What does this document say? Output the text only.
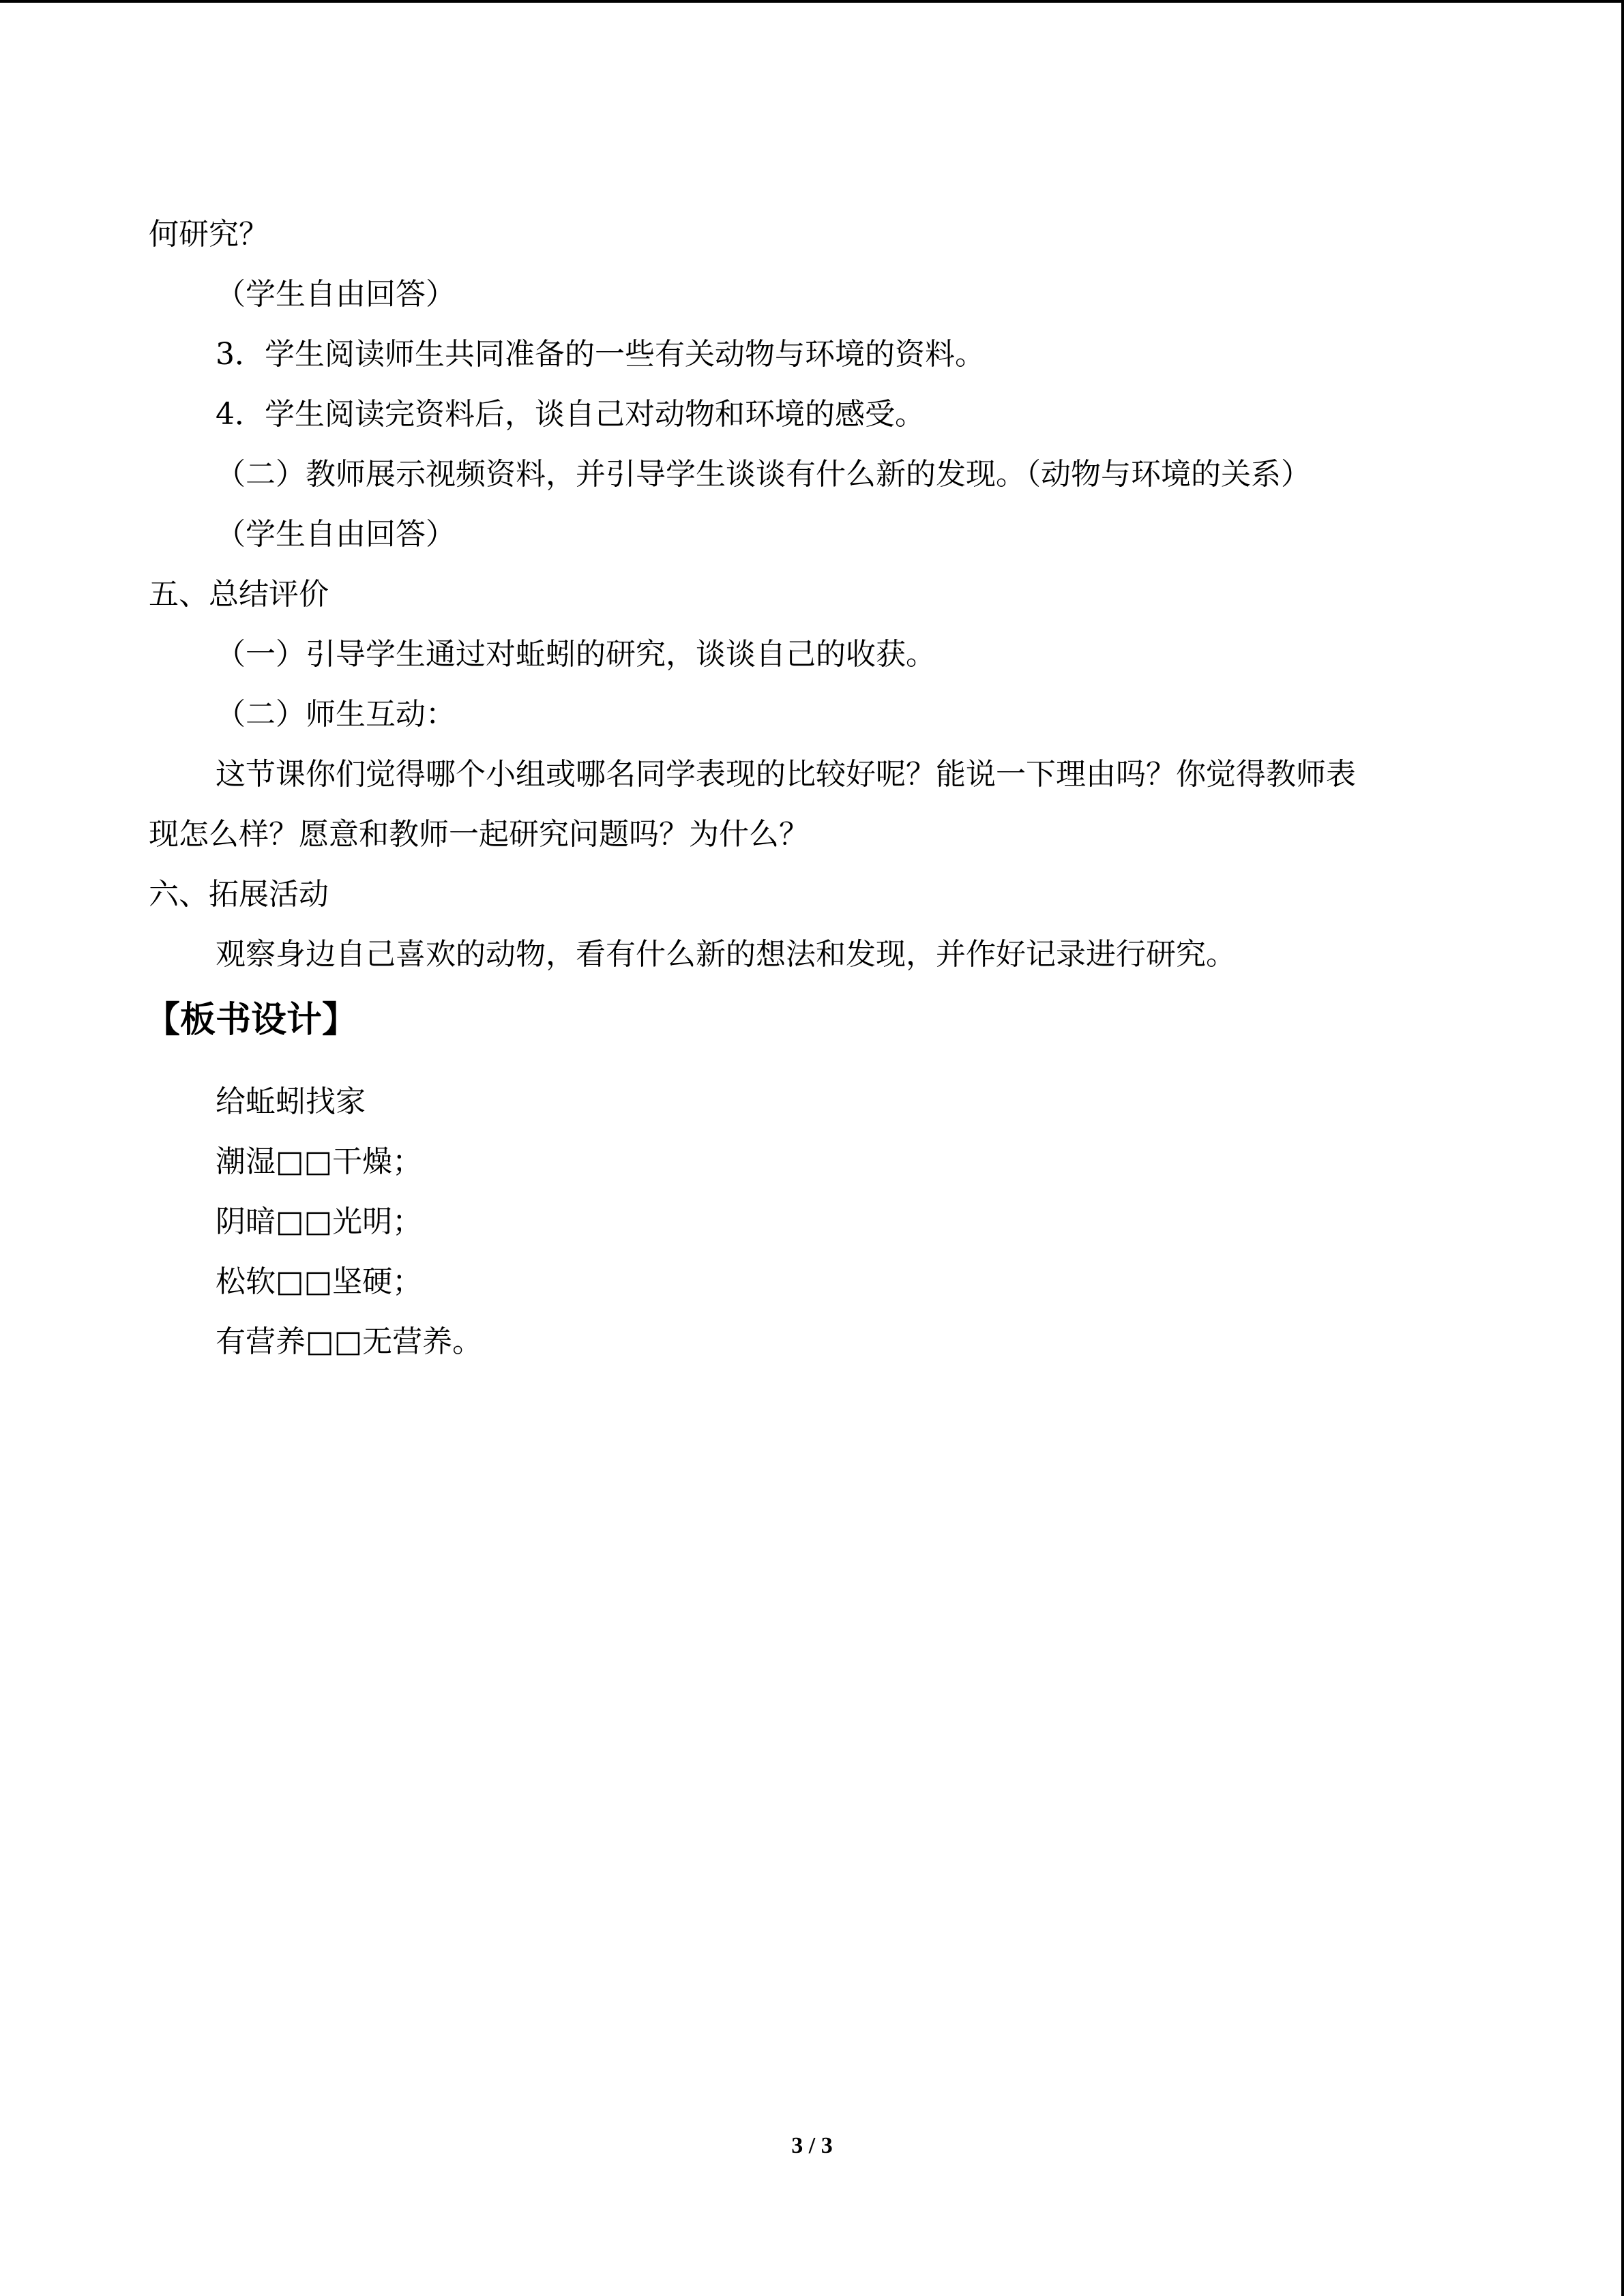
何研究？
（学生自由回答）
3．学生阅读师生共同准备的一些有关动物与环境的资料。
4．学生阅读完资料后，谈自己对动物和环境的感受。
（二）教师展示视频资料，并引导学生谈谈有什么新的发现。（动物与环境的关系）
（学生自由回答）
五、总结评价
（一）引导学生通过对蚯蚓的研究，谈谈自己的收获。
（二）师生互动：
这节课你们觉得哪个小组或哪名同学表现的比较好呢？能说一下理由吗？你觉得教师表
现怎么样？愿意和教师一起研究问题吗？为什么？
六、拓展活动
观察身边自己喜欢的动物，看有什么新的想法和发现，并作好记录进行研究。
【板书设计】
给蚯蚓找家
潮湿□□干燥；
阴暗□□光明；
松软□□坚硬；
有营养□□无营养。
3 / 3
